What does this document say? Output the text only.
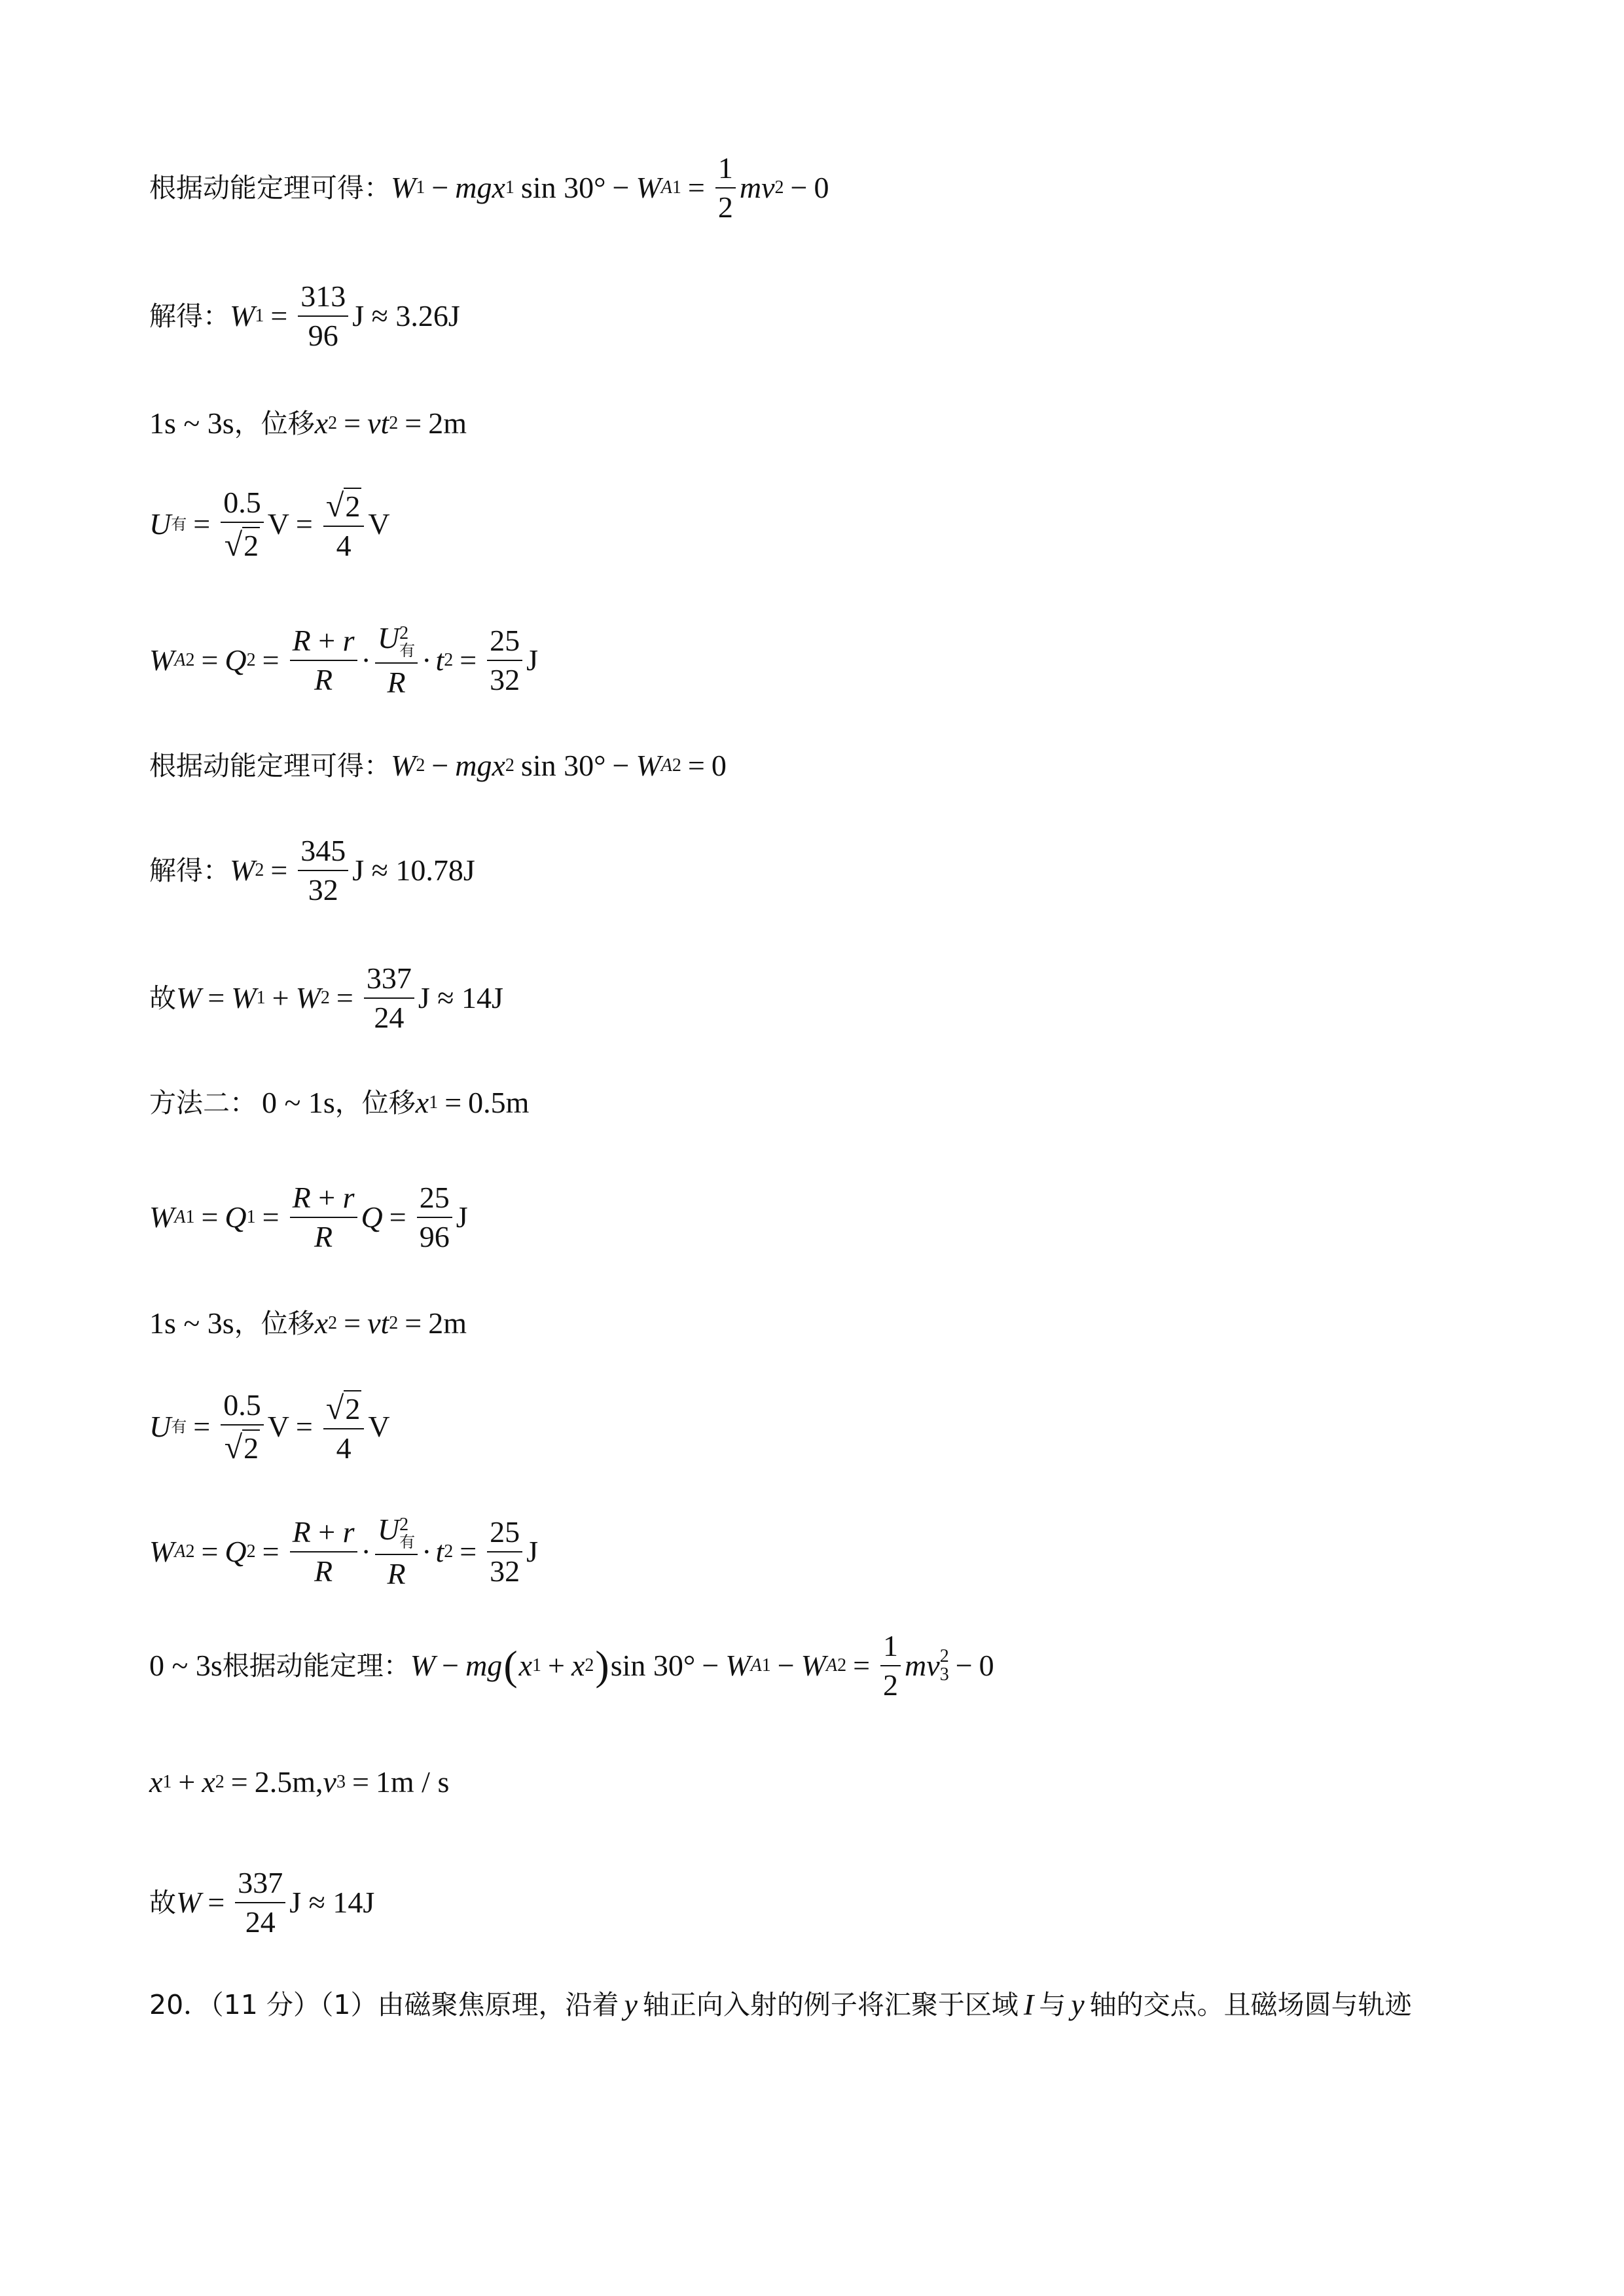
根据动能定理可得： W 1 − mgx 1 sin 30° − W A $1 = \frac{1}{2}$ mv 2 − 0
解得： W $1 = \frac{313}{96}$ J ≈ 3.26J
1s ~ 3s ，位移 x 2 = vt 2 = 2m
U 有 = $\frac{0.5}{√ 2}$ $V = \frac{√ 2}{4}$ V
W A 2 = Q $2 = \frac{R + r}{R} \cdot U$ 2
有
R · t $2 = \frac{25}{32}$ J
根据动能定理可得： W 2 − mgx 2 sin 30° − W A 2 = 0
解得： W $2 = \frac{345}{32}$ J ≈ 10.78J
故 W = W 1 + W $2 = \frac{337}{24}$ J ≈ 14J
方法二： 0 ~ 1s ，位移 x 1 = 0.5m
W A 1 = Q $1 = \frac{R + r}{R}$ $Q = \frac{25}{96}$ J
1s ~ 3s ，位移 x 2 = vt 2 = 2m
U 有 = $\frac{0.5}{√ 2}$ $V = \frac{√ 2}{4}$ V
W A 2 = Q $2 = \frac{R + r}{R} \cdot U$ 2
有
R · t $2 = \frac{25}{32}$ J
0 ~ 3s 根据动能定理： W − mg ( x 1 + x 2 ) sin 30° − W A 1 − W A $2 = \frac{1}{2}$ mv 2
3 − 0
x 1 + x 2 = 2.5m, v 3 = 1m / s
故 $W = \frac{337}{24}$ J ≈ 14J
20．（11 分）（1）由磁聚焦原理，沿着 y 轴正向入射的例子将汇聚于区域 I 与 y 轴的交点。且磁场圆与轨迹
